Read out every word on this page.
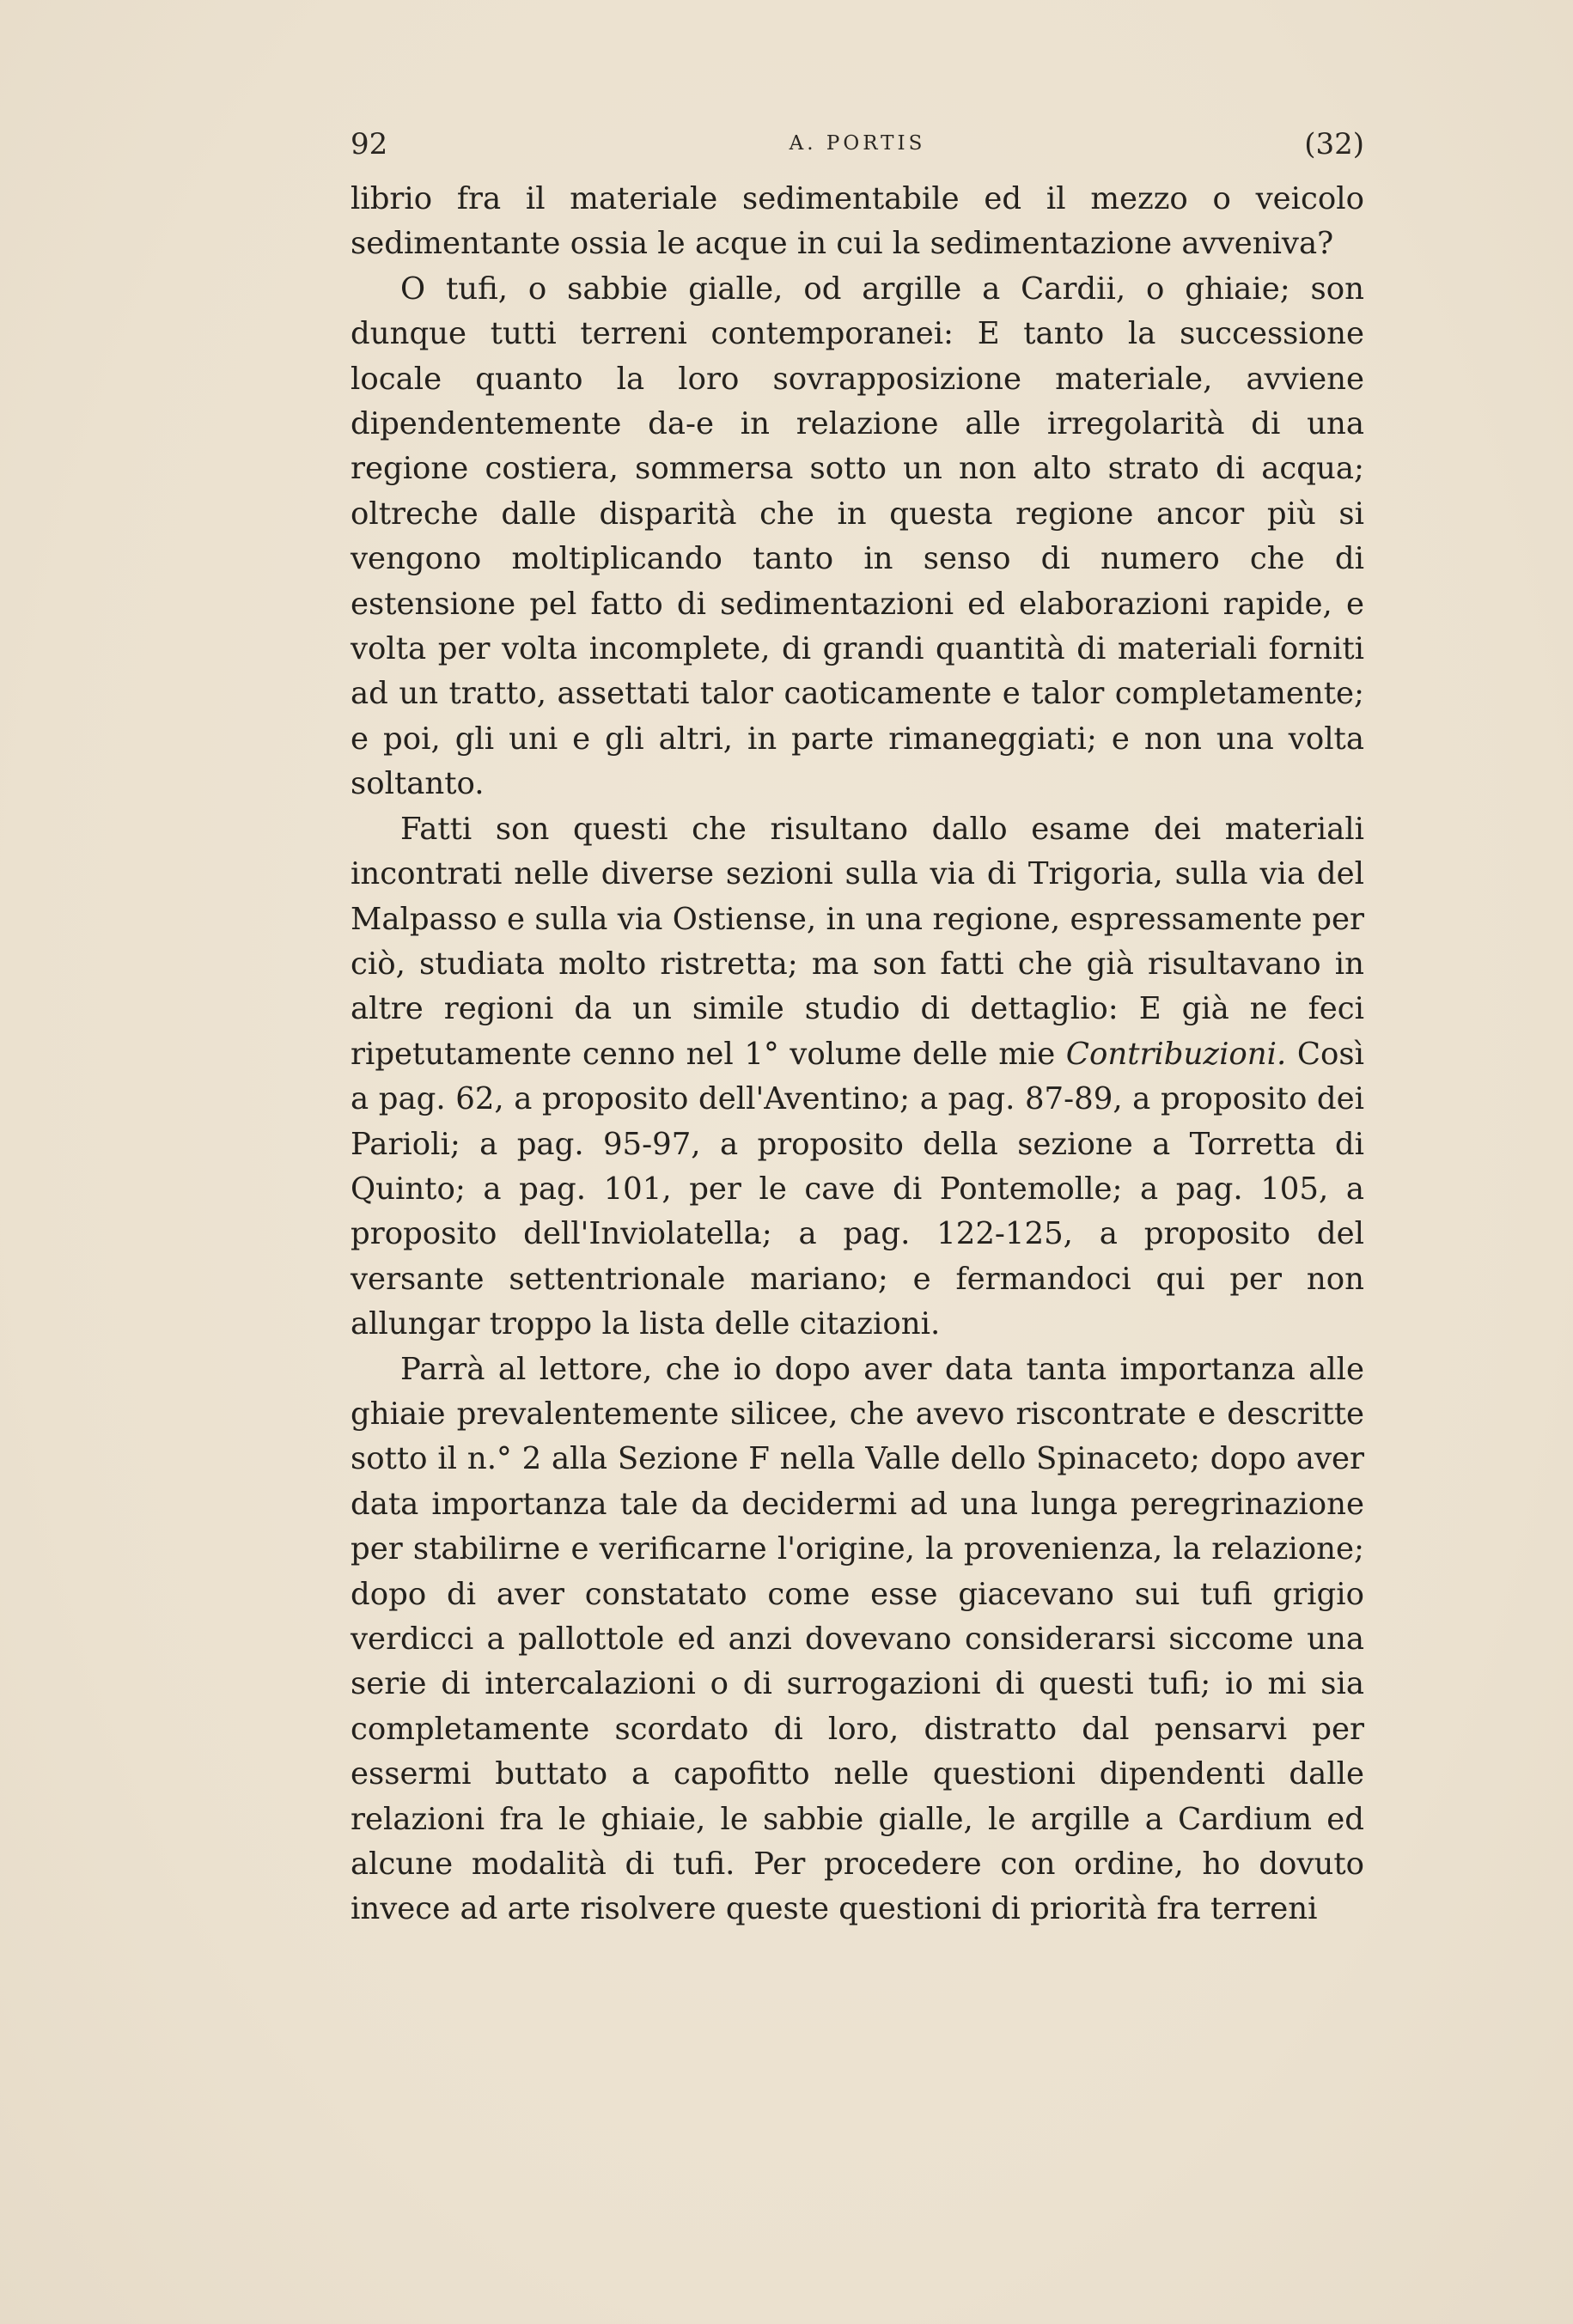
92	A. PORTIS	(32)

librio fra il materiale sedimentabile ed il mezzo o veicolo sedimentante ossia le acque in cui la sedimentazione avveniva?

O tufi, o sabbie gialle, od argille a Cardii, o ghiaie; son dunque tutti terreni contemporanei: E tanto la successione locale quanto la loro sovrapposizione materiale, avviene dipendentemente da-e in relazione alle irregolarità di una regione costiera, sommersa sotto un non alto strato di acqua; oltreche dalle disparità che in questa regione ancor più si vengono moltiplicando tanto in senso di numero che di estensione pel fatto di sedimentazioni ed elaborazioni rapide, e volta per volta incomplete, di grandi quantità di materiali forniti ad un tratto, assettati talor caoticamente e talor completamente; e poi, gli uni e gli altri, in parte rimaneggiati; e non una volta soltanto.

Fatti son questi che risultano dallo esame dei materiali incontrati nelle diverse sezioni sulla via di Trigoria, sulla via del Malpasso e sulla via Ostiense, in una regione, espressamente per ciò, studiata molto ristretta; ma son fatti che già risultavano in altre regioni da un simile studio di dettaglio: E già ne feci ripetutamente cenno nel 1° volume delle mie Contribuzioni. Così a pag. 62, a proposito dell'Aventino; a pag. 87-89, a proposito dei Parioli; a pag. 95-97, a proposito della sezione a Torretta di Quinto; a pag. 101, per le cave di Pontemolle; a pag. 105, a proposito dell'Inviolatella; a pag. 122-125, a proposito del versante settentrionale mariano; e fermandoci qui per non allungar troppo la lista delle citazioni.

Parrà al lettore, che io dopo aver data tanta importanza alle ghiaie prevalentemente silicee, che avevo riscontrate e descritte sotto il n.° 2 alla Sezione F nella Valle dello Spinaceto; dopo aver data importanza tale da decidermi ad una lunga peregrinazione per stabilirne e verificarne l'origine, la provenienza, la relazione; dopo di aver constatato come esse giacevano sui tufi grigio verdicci a pallottole ed anzi dovevano considerarsi siccome una serie di intercalazioni o di surrogazioni di questi tufi; io mi sia completamente scordato di loro, distratto dal pensarvi per essermi buttato a capofitto nelle questioni dipendenti dalle relazioni fra le ghiaie, le sabbie gialle, le argille a Cardium ed alcune modalità di tufi. Per procedere con ordine, ho dovuto invece ad arte risolvere queste questioni di priorità fra terreni
